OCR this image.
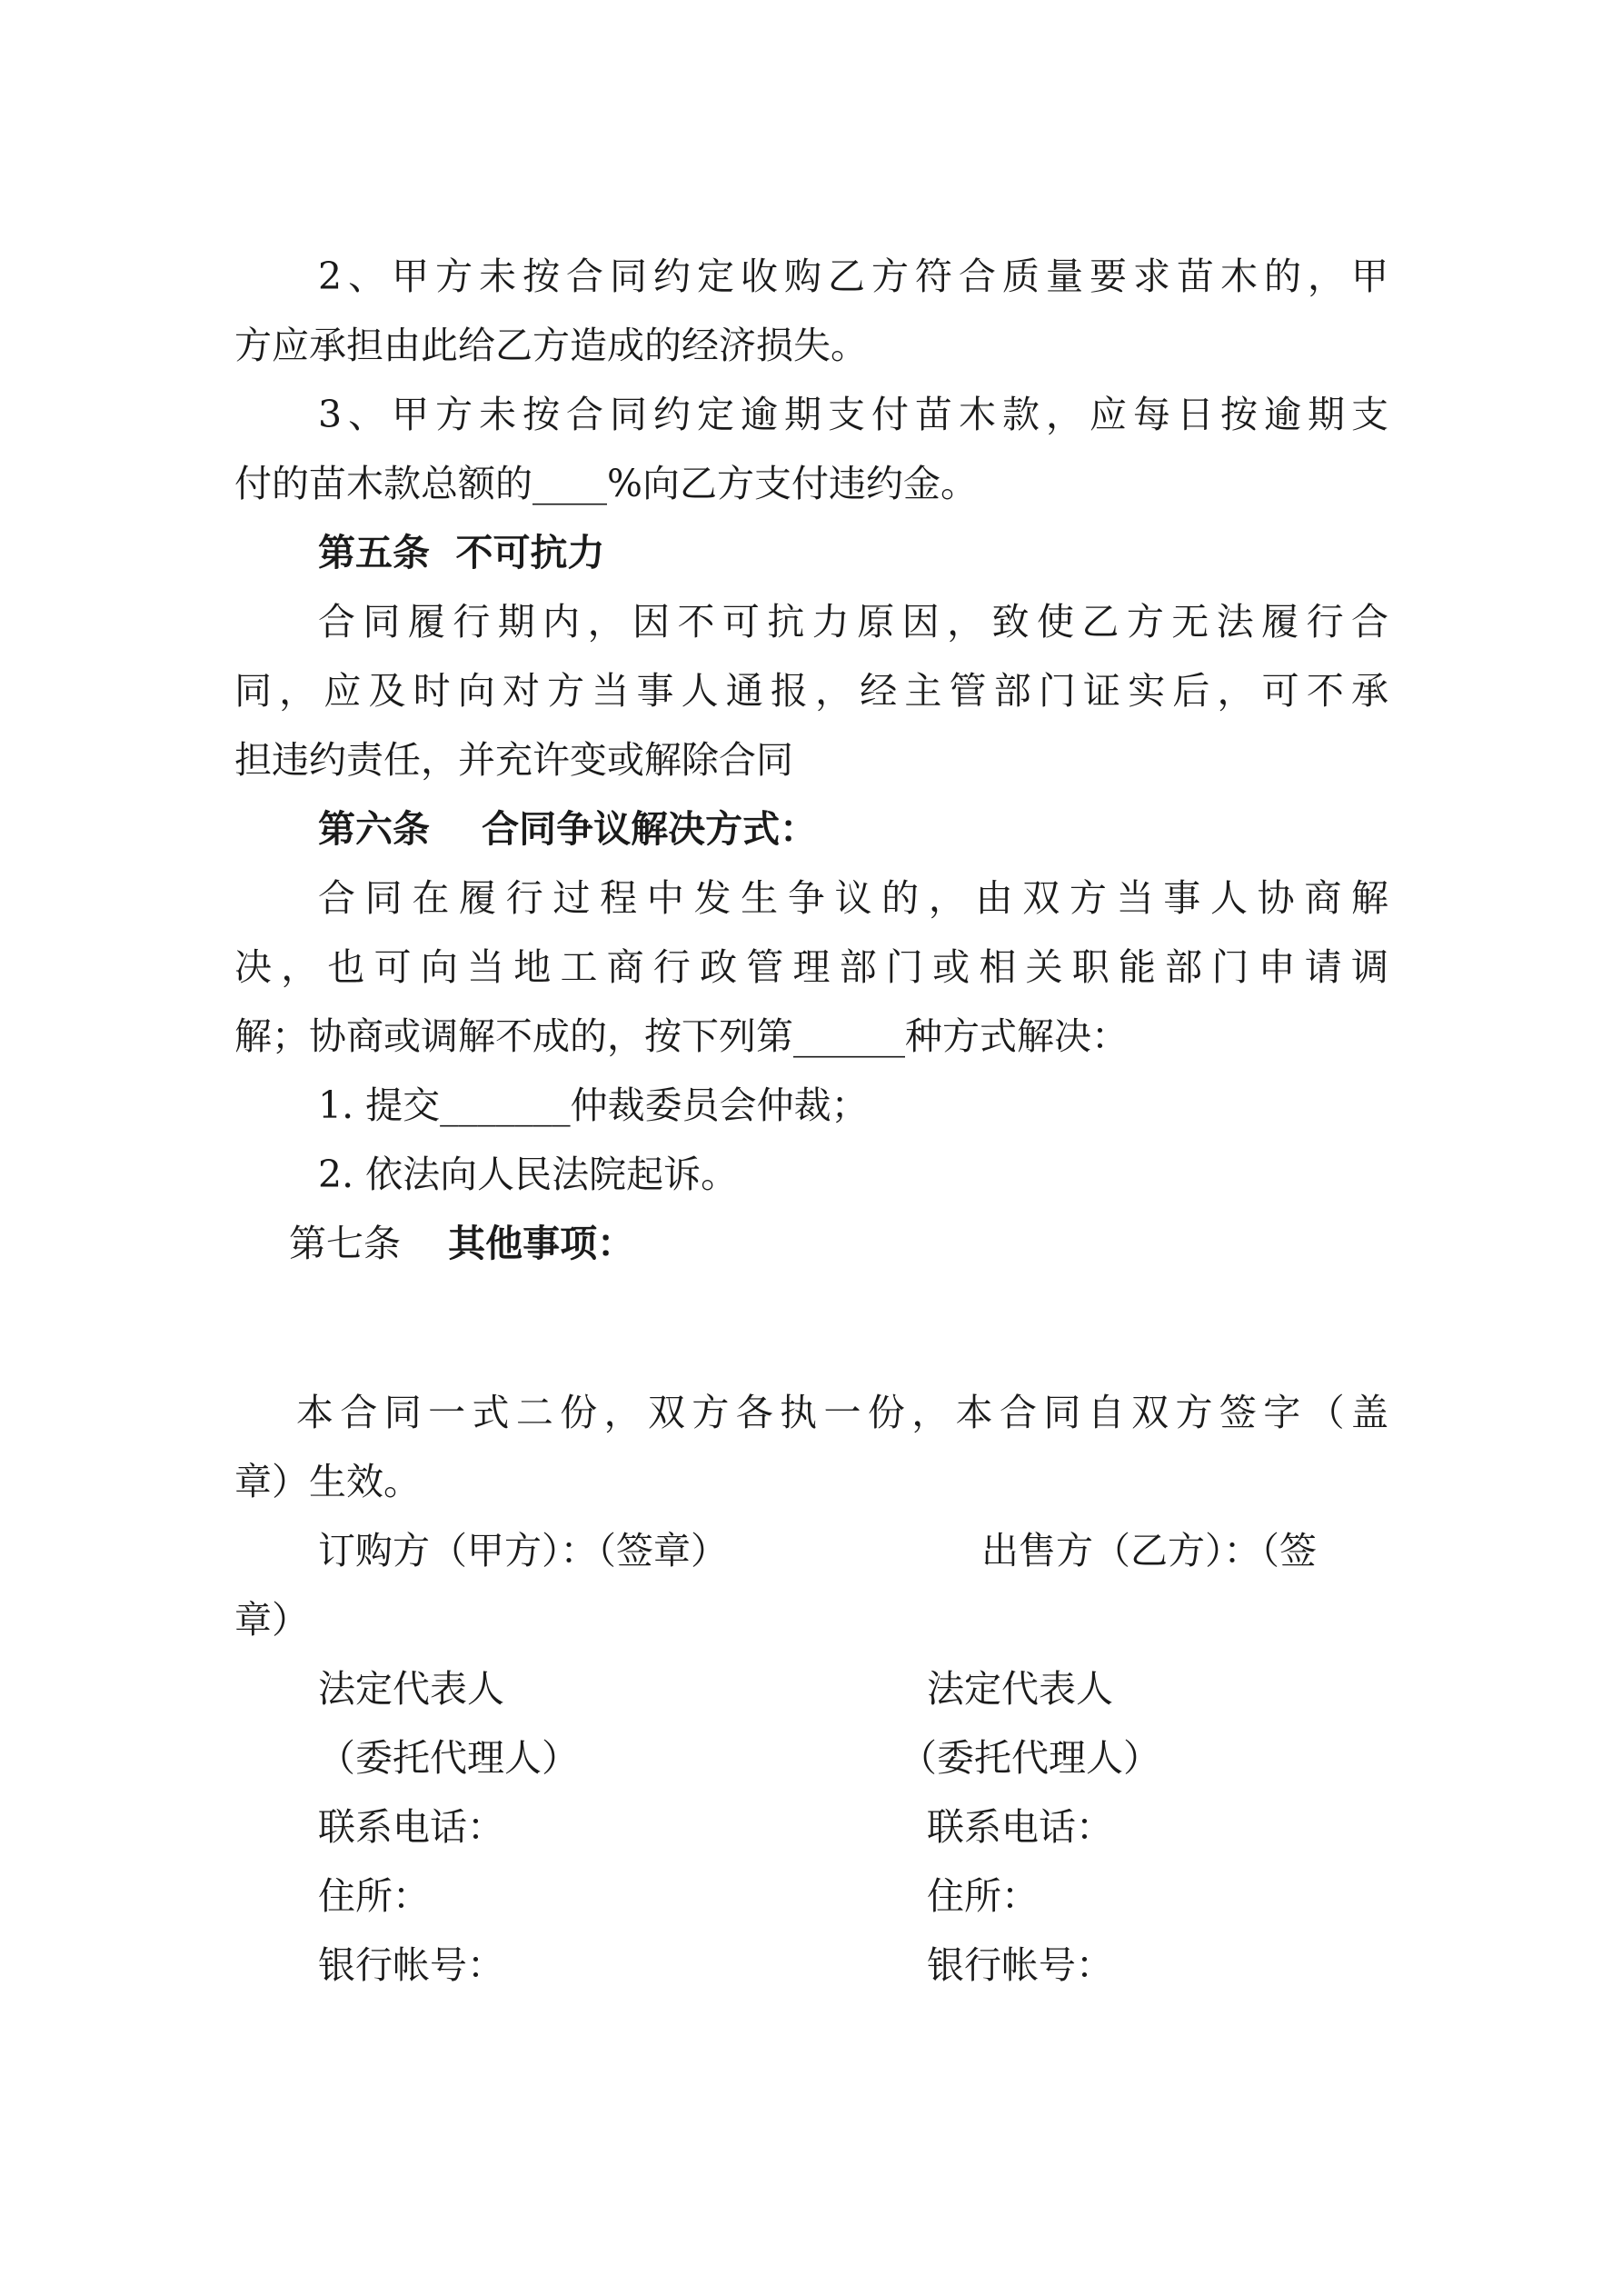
2、甲方未按合同约定收购乙方符合质量要求苗木的，甲

方应承担由此给乙方造成的经济损失。

3、甲方未按合同约定逾期支付苗木款，应每日按逾期支

付的苗木款总额的____%向乙方支付违约金。

第五条  不可抗力

合同履行期内，因不可抗力原因，致使乙方无法履行合

同，应及时向对方当事人通报，经主管部门证实后，可不承

担违约责任，并充许变或解除合同

第六条    合同争议解决方式：

合同在履行过程中发生争议的，由双方当事人协商解

决，也可向当地工商行政管理部门或相关职能部门申请调

解；协商或调解不成的，按下列第______种方式解决：

1. 提交_______仲裁委员会仲裁；

2. 依法向人民法院起诉。

第七条 其他事项：

本合同一式二份，双方各执一份，本合同自双方签字（盖

章）生效。

订购方（甲方）：（签章）	出售方（乙方）：（签

章）

法定代表人	法定代表人

（委托代理人）	（委托代理人）

联系电话：	联系电话：

住所：	住所：

银行帐号：	银行帐号：
